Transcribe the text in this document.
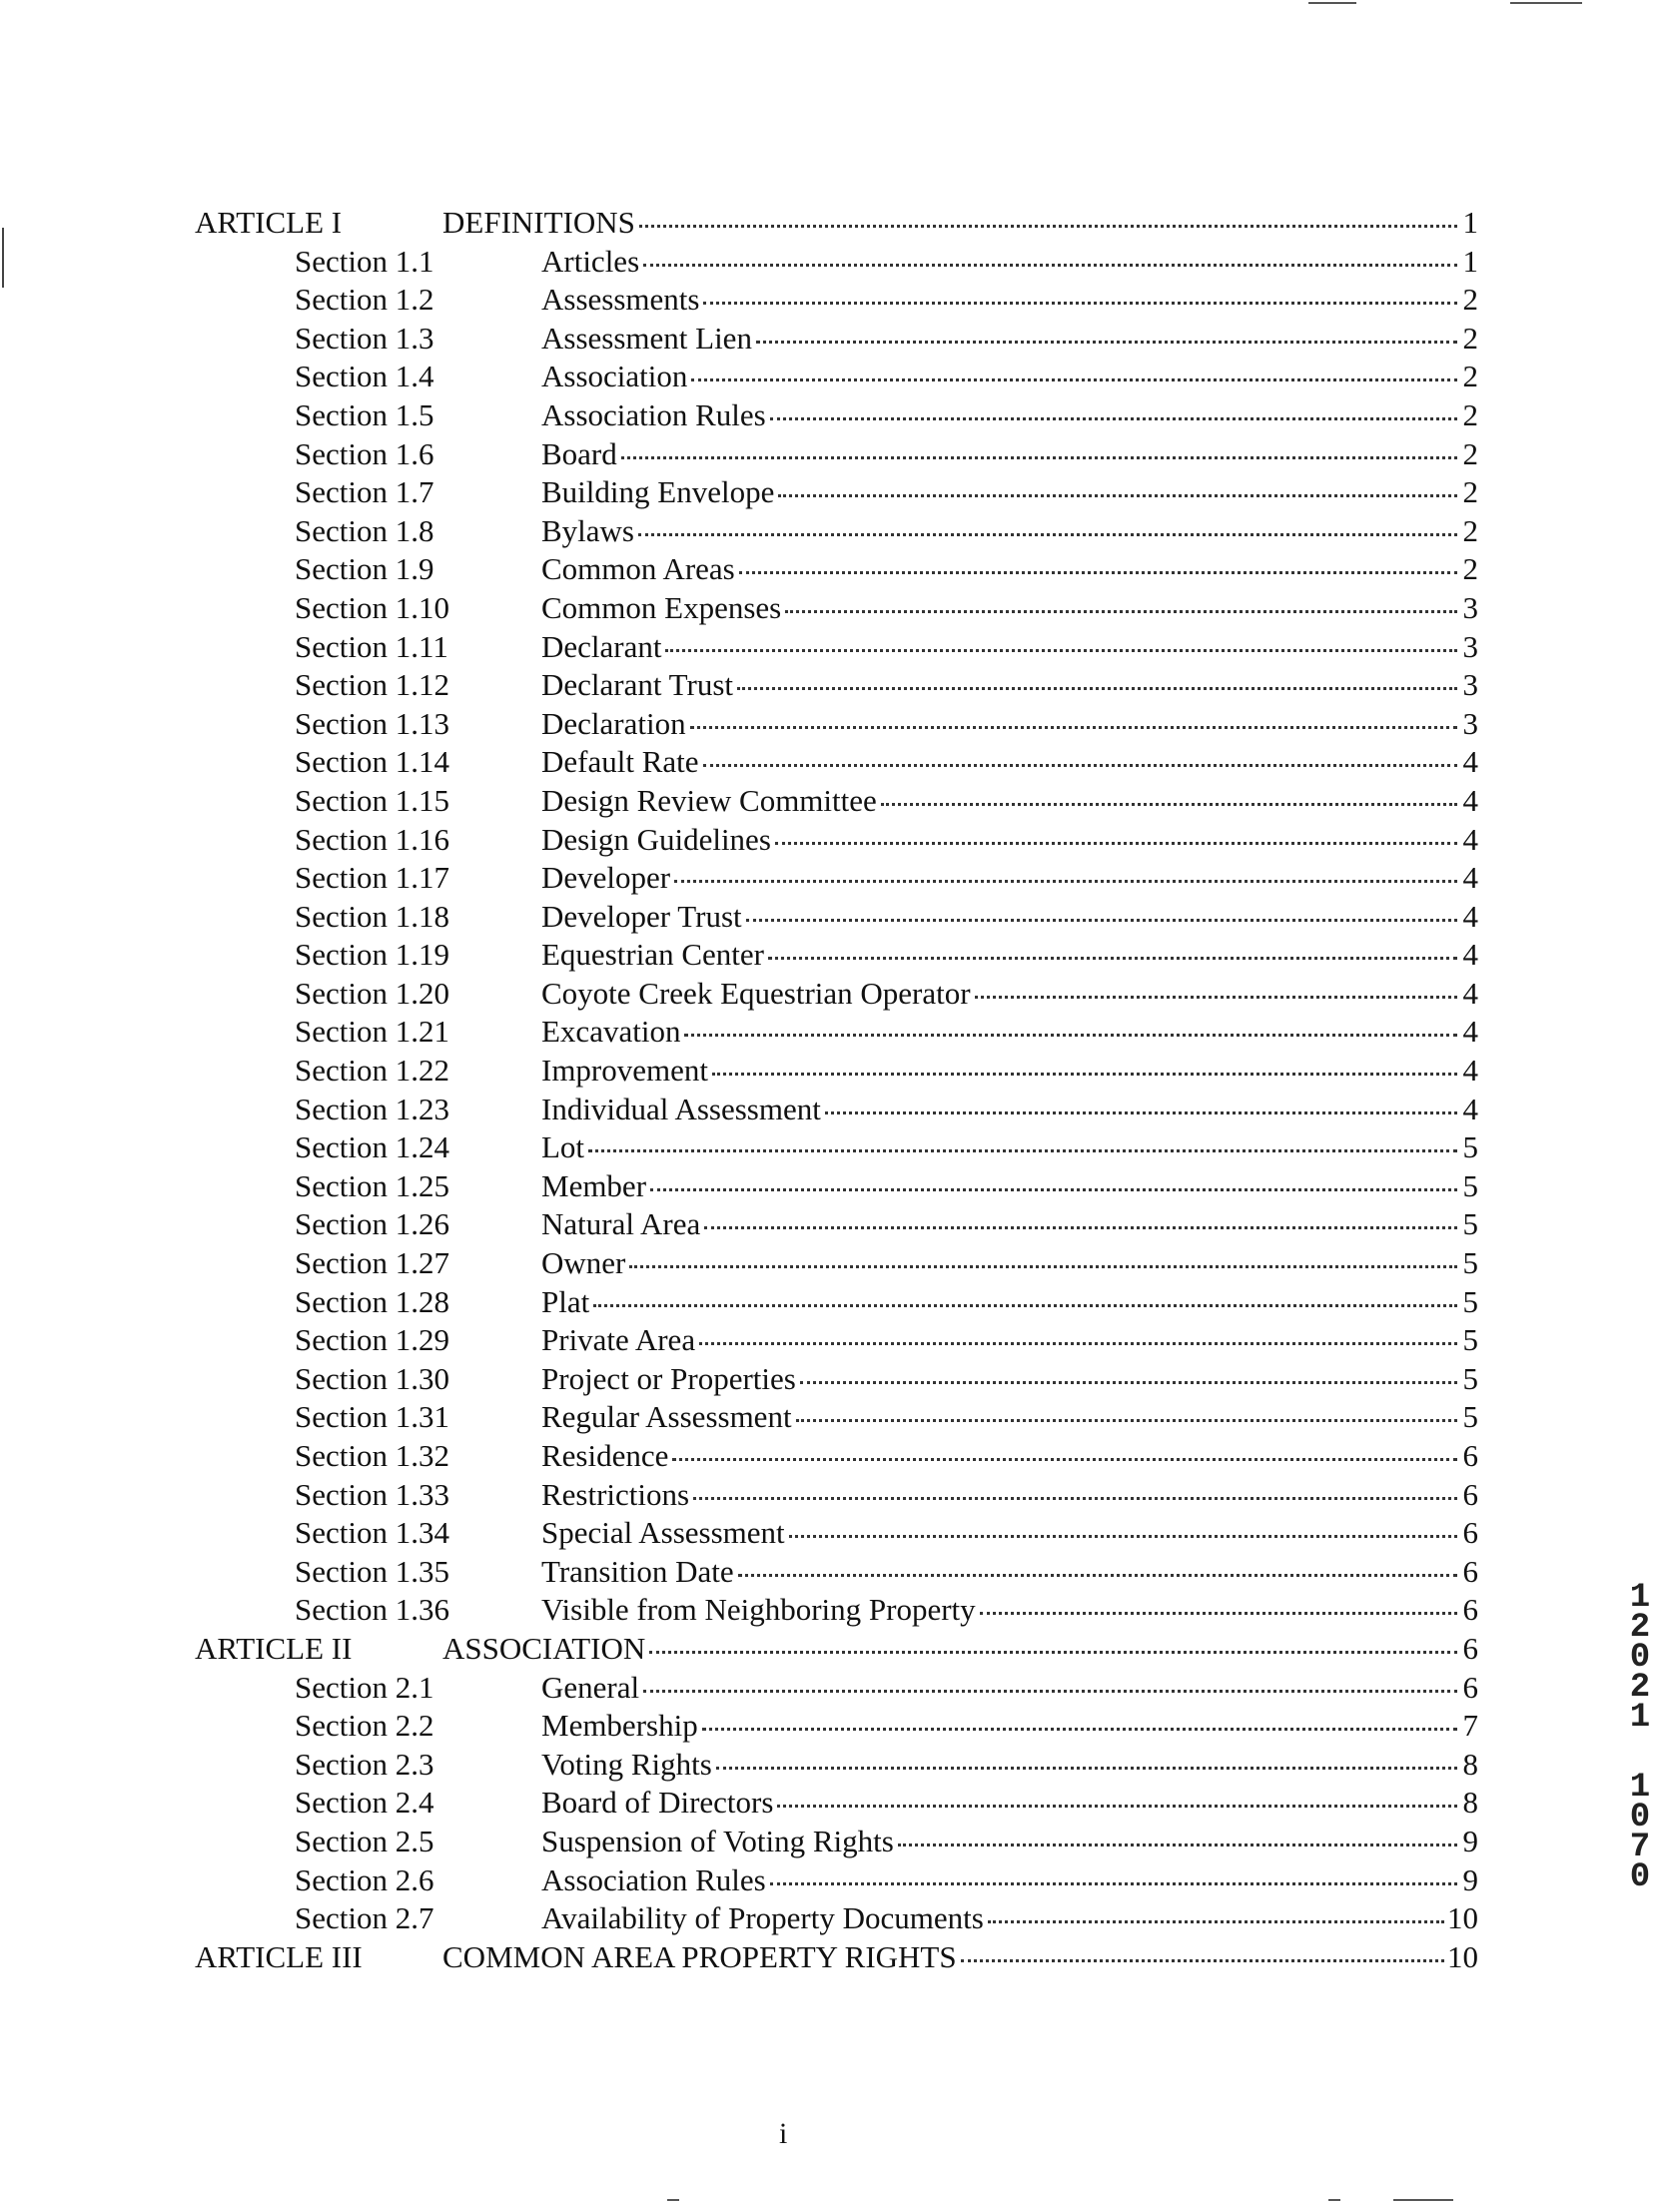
ARTICLE I	DEFINITIONS	1
Section 1.1	Articles	1
Section 1.2	Assessments	2
Section 1.3	Assessment Lien	2
Section 1.4	Association	2
Section 1.5	Association Rules	2
Section 1.6	Board	2
Section 1.7	Building Envelope	2
Section 1.8	Bylaws	2
Section 1.9	Common Areas	2
Section 1.10	Common Expenses	3
Section 1.11	Declarant	3
Section 1.12	Declarant Trust	3
Section 1.13	Declaration	3
Section 1.14	Default Rate	4
Section 1.15	Design Review Committee	4
Section 1.16	Design Guidelines	4
Section 1.17	Developer	4
Section 1.18	Developer Trust	4
Section 1.19	Equestrian Center	4
Section 1.20	Coyote Creek Equestrian Operator	4
Section 1.21	Excavation	4
Section 1.22	Improvement	4
Section 1.23	Individual Assessment	4
Section 1.24	Lot	5
Section 1.25	Member	5
Section 1.26	Natural Area	5
Section 1.27	Owner	5
Section 1.28	Plat	5
Section 1.29	Private Area	5
Section 1.30	Project or Properties	5
Section 1.31	Regular Assessment	5
Section 1.32	Residence	6
Section 1.33	Restrictions	6
Section 1.34	Special Assessment	6
Section 1.35	Transition Date	6
Section 1.36	Visible from Neighboring Property	6
ARTICLE II	ASSOCIATION	6
Section 2.1	General	6
Section 2.2	Membership	7
Section 2.3	Voting Rights	8
Section 2.4	Board of Directors	8
Section 2.5	Suspension of Voting Rights	9
Section 2.6	Association Rules	9
Section 2.7	Availability of Property Documents	10
ARTICLE III	COMMON AREA PROPERTY RIGHTS	10
i
1
2
0
2
1
1
0
7
0
